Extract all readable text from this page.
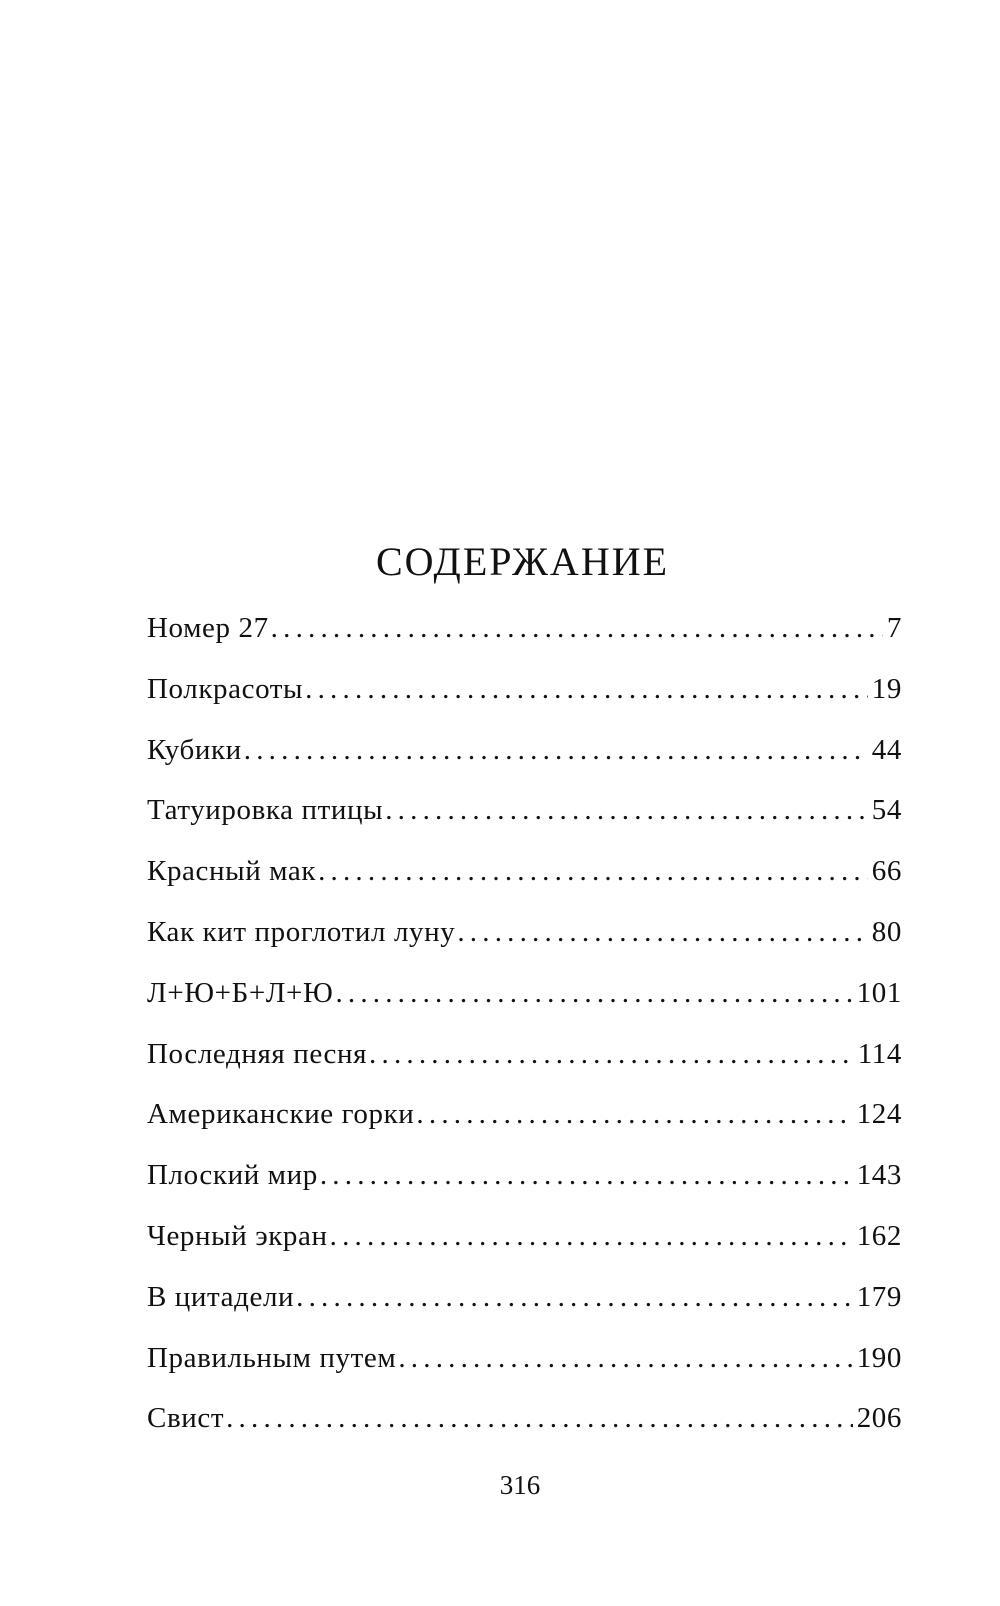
СОДЕРЖАНИЕ
Номер 27 .....	7
Полкрасоты .....	19
Кубики .....	44
Татуировка птицы .....	54
Красный мак .....	66
Как кит проглотил луну .....	80
Л+Ю+Б+Л+Ю .....	101
Последняя песня .....	114
Американские горки .....	124
Плоский мир .....	143
Черный экран .....	162
В цитадели .....	179
Правильным путем .....	190
Свист .....	206
316
